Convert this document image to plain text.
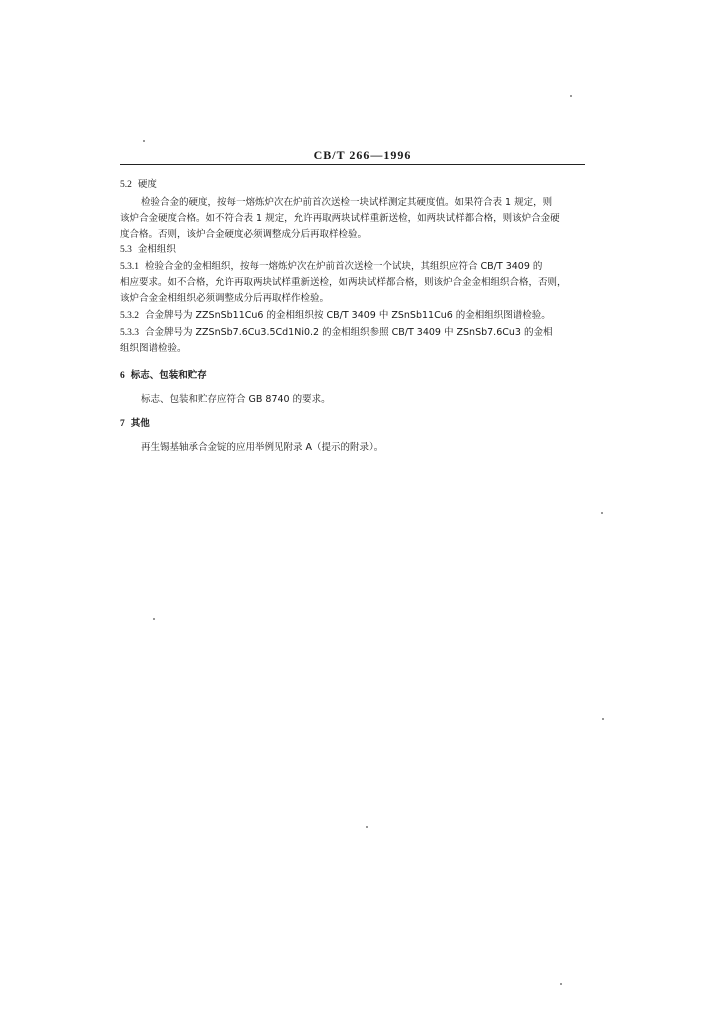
CB/T 266—1996
5.2 硬度
检验合金的硬度，按每一熔炼炉次在炉前首次送检一块试样测定其硬度值。如果符合表 1 规定，则
该炉合金硬度合格。如不符合表 1 规定，允许再取两块试样重新送检，如两块试样都合格，则该炉合金硬
度合格。否则，该炉合金硬度必须调整成分后再取样检验。
5.3 金相组织
5.3.1 检验合金的金相组织，按每一熔炼炉次在炉前首次送检一个试块，其组织应符合 CB/T 3409 的
相应要求。如不合格，允许再取两块试样重新送检，如两块试样都合格，则该炉合金金相组织合格，否则，
该炉合金金相组织必须调整成分后再取样作检验。
5.3.2 合金牌号为 ZZSnSb11Cu6 的金相组织按 CB/T 3409 中 ZSnSb11Cu6 的金相组织图谱检验。
5.3.3 合金牌号为 ZZSnSb7.6Cu3.5Cd1Ni0.2 的金相组织参照 CB/T 3409 中 ZSnSb7.6Cu3 的金相
组织图谱检验。
6 标志、包装和贮存
标志、包装和贮存应符合 GB 8740 的要求。
7 其他
再生锡基轴承合金锭的应用举例见附录 A（提示的附录）。
